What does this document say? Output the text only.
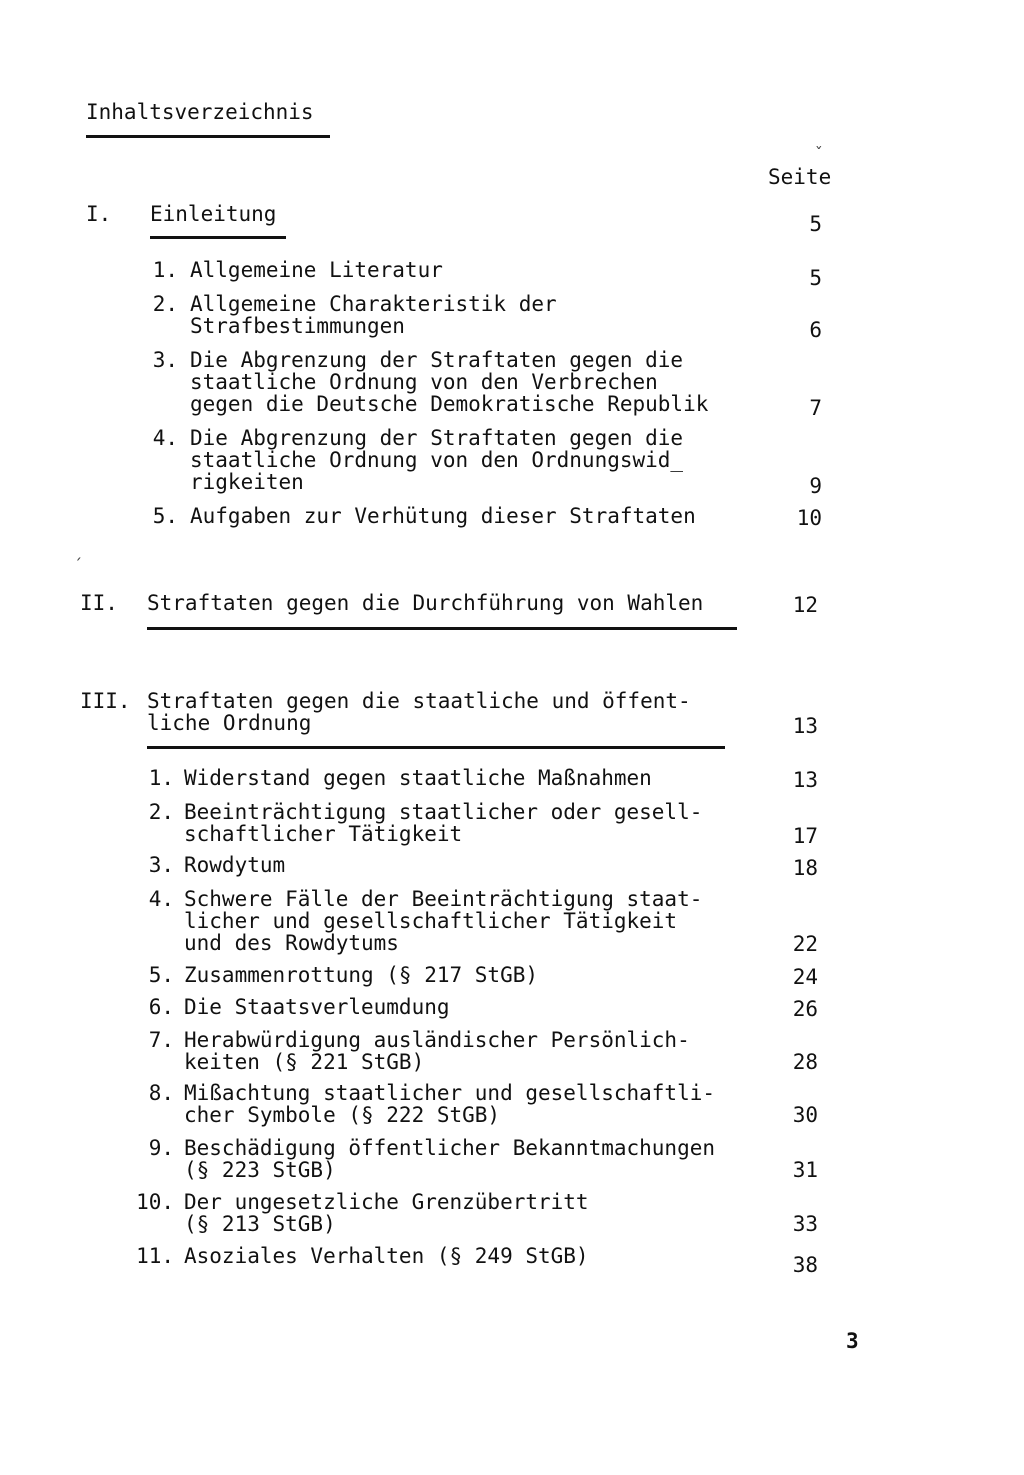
Inhaltsverzeichnis
ˇ
Seite
I. Einleitung	5
1. Allgemeine Literatur	5
2. Allgemeine Charakteristik der
Strafbestimmungen	6
3. Die Abgrenzung der Straftaten gegen die
staatliche Ordnung von den Verbrechen
gegen die Deutsche Demokratische Republik	7
4. Die Abgrenzung der Straftaten gegen die
staatliche Ordnung von den Ordnungswid_
rigkeiten	9
5. Aufgaben zur Verhütung dieser Straftaten	10
ˏ
II. Straftaten gegen die Durchführung von Wahlen	12
III. Straftaten gegen die staatliche und öffent-
liche Ordnung	13
1. Widerstand gegen staatliche Maßnahmen	13
2. Beeinträchtigung staatlicher oder gesell-
schaftlicher Tätigkeit	17
3. Rowdytum	18
4. Schwere Fälle der Beeinträchtigung staat-
licher und gesellschaftlicher Tätigkeit
und des Rowdytums	22
5. Zusammenrottung (§ 217 StGB)	24
6. Die Staatsverleumdung	26
7. Herabwürdigung ausländischer Persönlich-
keiten (§ 221 StGB)	28
8. Mißachtung staatlicher und gesellschaftli-
cher Symbole (§ 222 StGB)	30
9. Beschädigung öffentlicher Bekanntmachungen
(§ 223 StGB)	31
10. Der ungesetzliche Grenzübertritt
(§ 213 StGB)	33
11. Asoziales Verhalten (§ 249 StGB)	38
3
